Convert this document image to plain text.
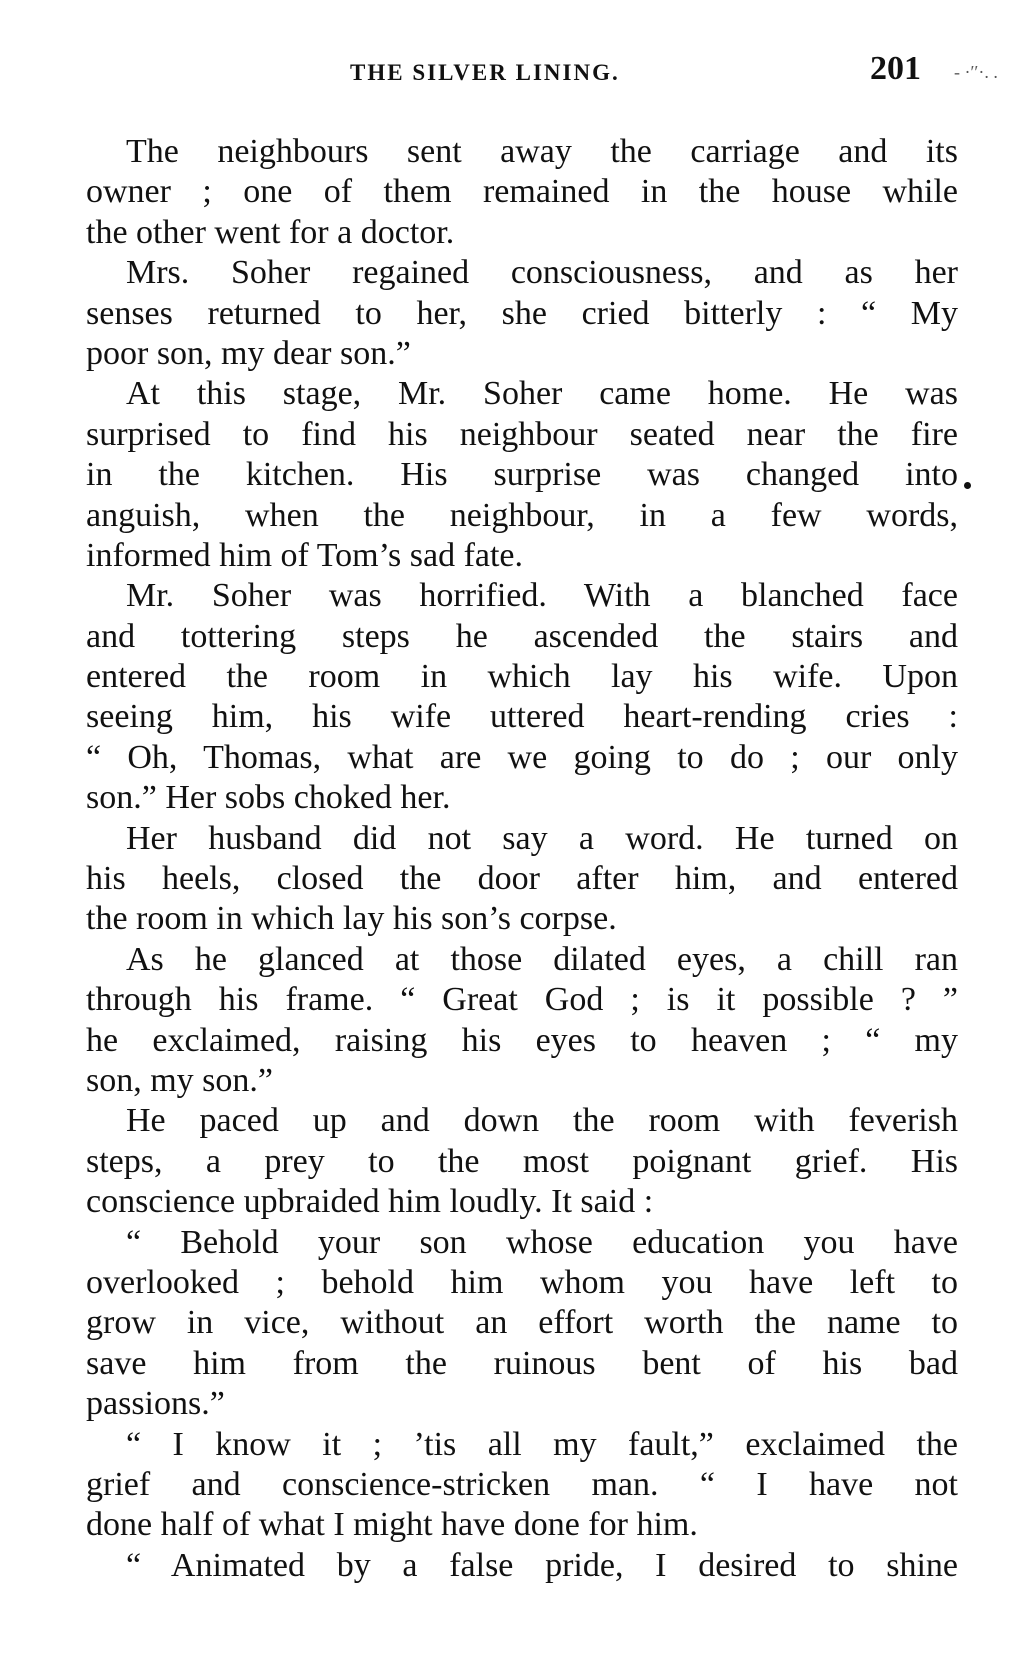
THE SILVER LINING.	201 - ·′′·. .
The neighbours sent away the carriage and its
owner ; one of them remained in the house while
the other went for a doctor.
Mrs. Soher regained consciousness, and as her
senses returned to her, she cried bitterly : “ My
poor son, my dear son.”
At this stage, Mr. Soher came home. He was
surprised to find his neighbour seated near the fire
in the kitchen. His surprise was changed into
anguish, when the neighbour, in a few words,
informed him of Tom’s sad fate.
Mr. Soher was horrified. With a blanched face
and tottering steps he ascended the stairs and
entered the room in which lay his wife. Upon
seeing him, his wife uttered heart-rending cries :
“ Oh, Thomas, what are we going to do ; our only
son.” Her sobs choked her.
Her husband did not say a word. He turned on
his heels, closed the door after him, and entered
the room in which lay his son’s corpse.
As he glanced at those dilated eyes, a chill ran
through his frame. “ Great God ; is it possible ? ”
he exclaimed, raising his eyes to heaven ; “ my
son, my son.”
He paced up and down the room with feverish
steps, a prey to the most poignant grief. His
conscience upbraided him loudly. It said :
“ Behold your son whose education you have
overlooked ; behold him whom you have left to
grow in vice, without an effort worth the name to
save him from the ruinous bent of his bad
passions.”
“ I know it ; ’tis all my fault,” exclaimed the
grief and conscience-stricken man. “ I have not
done half of what I might have done for him.
“ Animated by a false pride, I desired to shine
